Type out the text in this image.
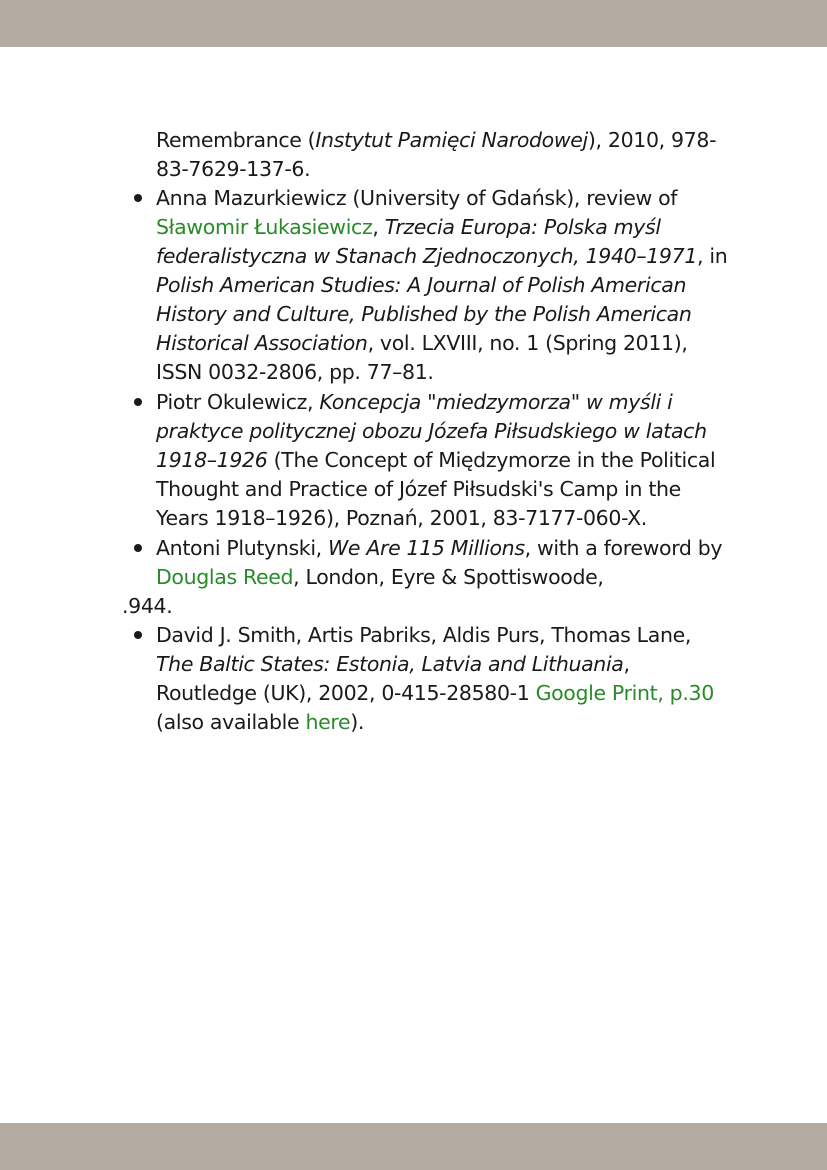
Remembrance (Instytut Pamięci Narodowej), 2010, 978-
83-7629-137-6.
Anna Mazurkiewicz (University of Gdańsk), review of
Sławomir Łukasiewicz, Trzecia Europa: Polska myśl
federalistyczna w Stanach Zjednoczonych, 1940–1971, in
Polish American Studies: A Journal of Polish American
History and Culture, Published by the Polish American
Historical Association, vol. LXVIII, no. 1 (Spring 2011),
ISSN 0032-2806, pp. 77–81.
Piotr Okulewicz, Koncepcja "miedzymorza" w myśli i
praktyce politycznej obozu Józefa Piłsudskiego w latach
1918–1926 (The Concept of Międzymorze in the Political
Thought and Practice of Józef Piłsudski's Camp in the
Years 1918–1926), Poznań, 2001, 83-7177-060-X.
Antoni Plutynski, We Are 115 Millions, with a foreword by
Douglas Reed, London, Eyre & Spottiswoode,
.944.
David J. Smith, Artis Pabriks, Aldis Purs, Thomas Lane,
The Baltic States: Estonia, Latvia and Lithuania,
Routledge (UK), 2002, 0-415-28580-1 Google Print, p.30
(also available here).
